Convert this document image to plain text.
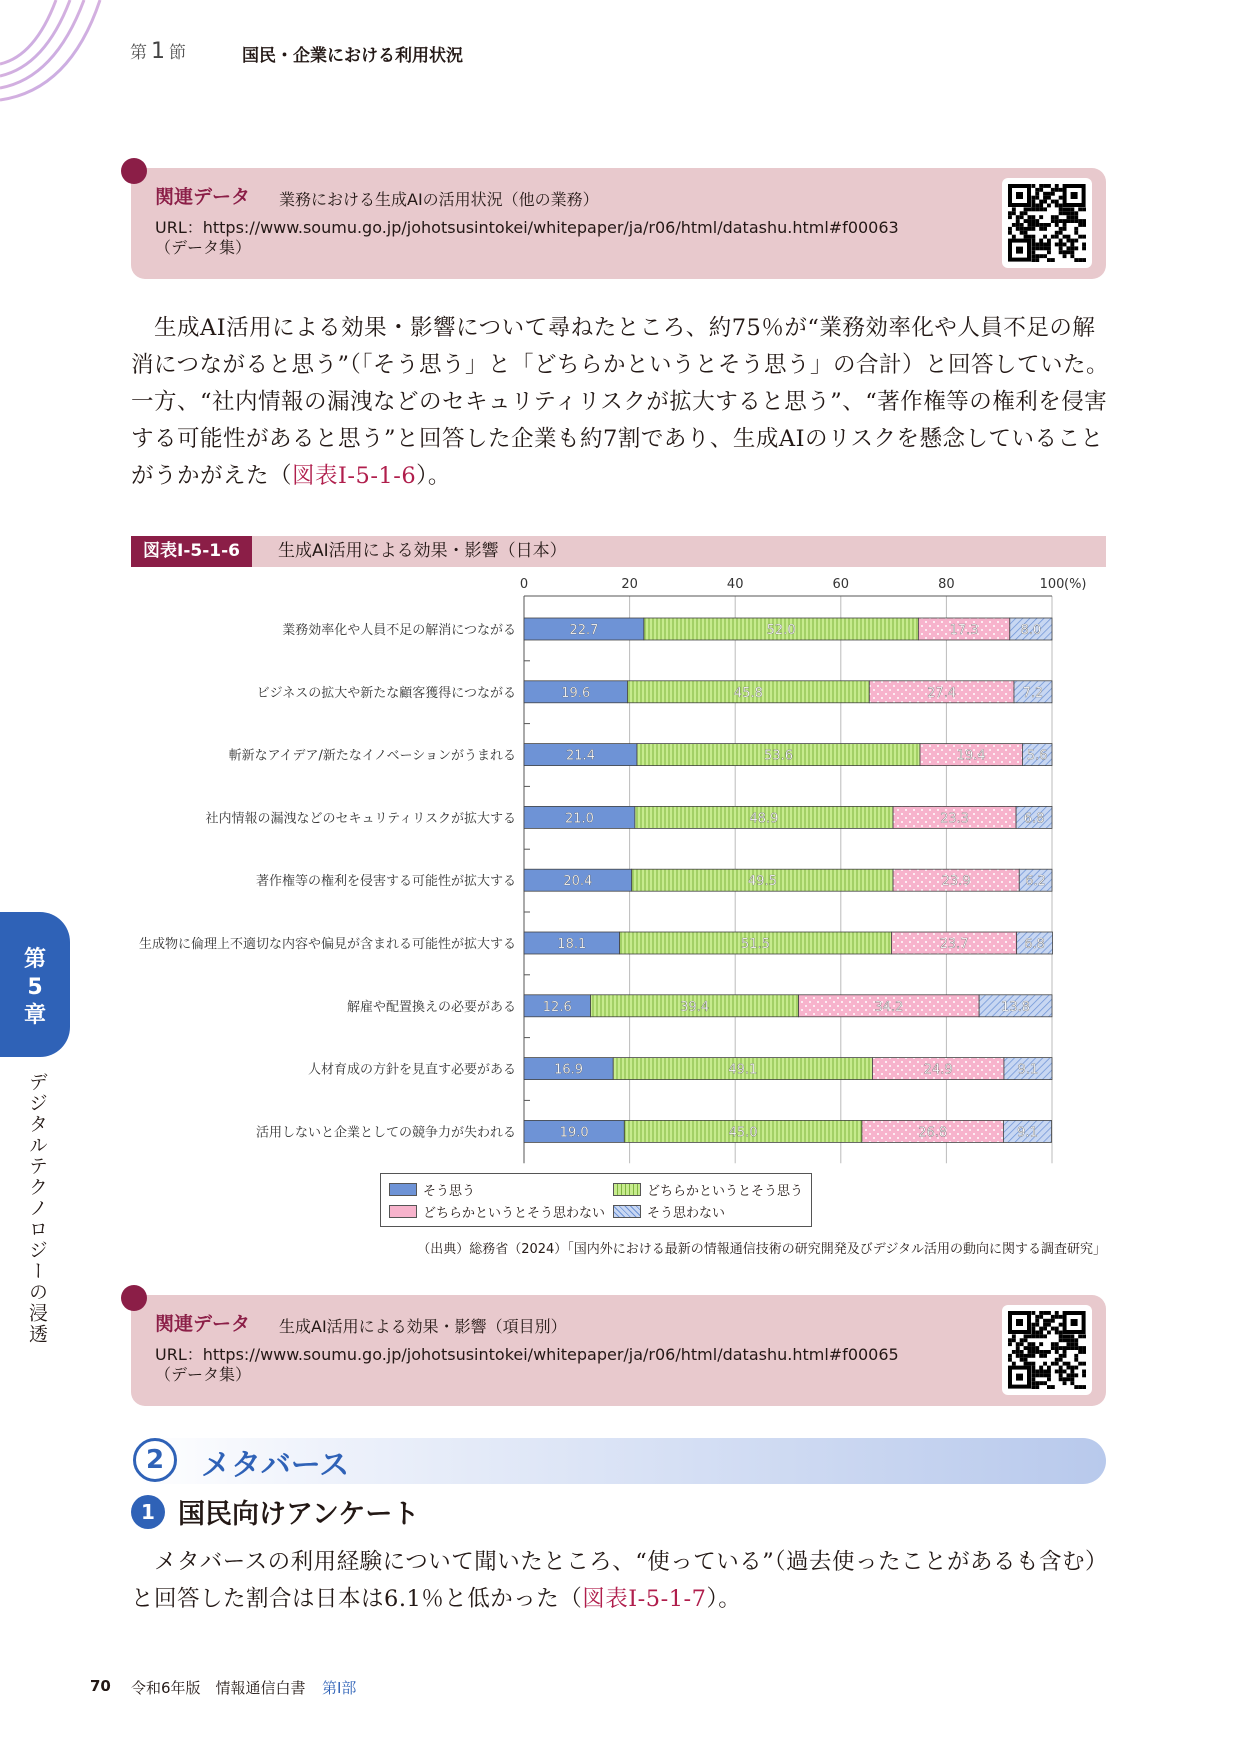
第 1 節	国民・企業における利用状況
関連データ 業務における生成AIの活用状況（他の業務）
URL：https://www.soumu.go.jp/johotsusintokei/whitepaper/ja/r06/html/datashu.html#f00063
（データ集）
　生成AI活用による効果・影響について尋ねたところ、約75％が“業務効率化や人員不足の解消につながると思う”（「そう思う」と「どちらかというとそう思う」の合計）と回答していた。一方、“社内情報の漏洩などのセキュリティリスクが拡大すると思う”、“著作権等の権利を侵害する可能性があると思う”と回答した企業も約7割であり、生成AIのリスクを懸念していることがうかがえた（図表Ⅰ-5-1-6）。
図表Ⅰ-5-1-6	生成AI活用による効果・影響（日本）
0	20	40	60	80	100 (%)
業務効率化や人員不足の解消につながる	22.7	52.0	17.3	8.0
ビジネスの拡大や新たな顧客獲得につながる	19.6	45.8	27.4	7.2
斬新なアイデア/新たなイノベーションがうまれる	21.4	53.6	19.4	5.6
社内情報の漏洩などのセキュリティリスクが拡大する	21.0	48.9	23.3	6.8
著作権等の権利を侵害する可能性が拡大する	20.4	49.5	23.9	6.2
生成物に倫理上不適切な内容や偏見が含まれる可能性が拡大する	18.1	51.5	23.7	6.8
解雇や配置換えの必要がある 12.6	39.4	34.2	13.8
人材育成の方針を見直す必要がある	16.9	49.1	24.9	9.1
活用しないと企業としての競争力が失われる	19.0	45.0	26.8	9.1
そう思う	どちらかというとそう思う
どちらかというとそう思わない	そう思わない
（出典）総務省（2024）「国内外における最新の情報通信技術の研究開発及びデジタル活用の動向に関する調査研究」
関連データ 生成AI活用による効果・影響（項目別）
URL：https://www.soumu.go.jp/johotsusintokei/whitepaper/ja/r06/html/datashu.html#f00065
（データ集）
2	メタバース
1 国民向けアンケート
　メタバースの利用経験について聞いたところ、“使っている”（過去使ったことがあるも含む）と回答した割合は日本は6.1％と低かった（図表Ⅰ-5-1-7）。
第
5
章
デジタルテクノロジーの浸透
70 令和6年版　情報通信白書 第Ⅰ部
